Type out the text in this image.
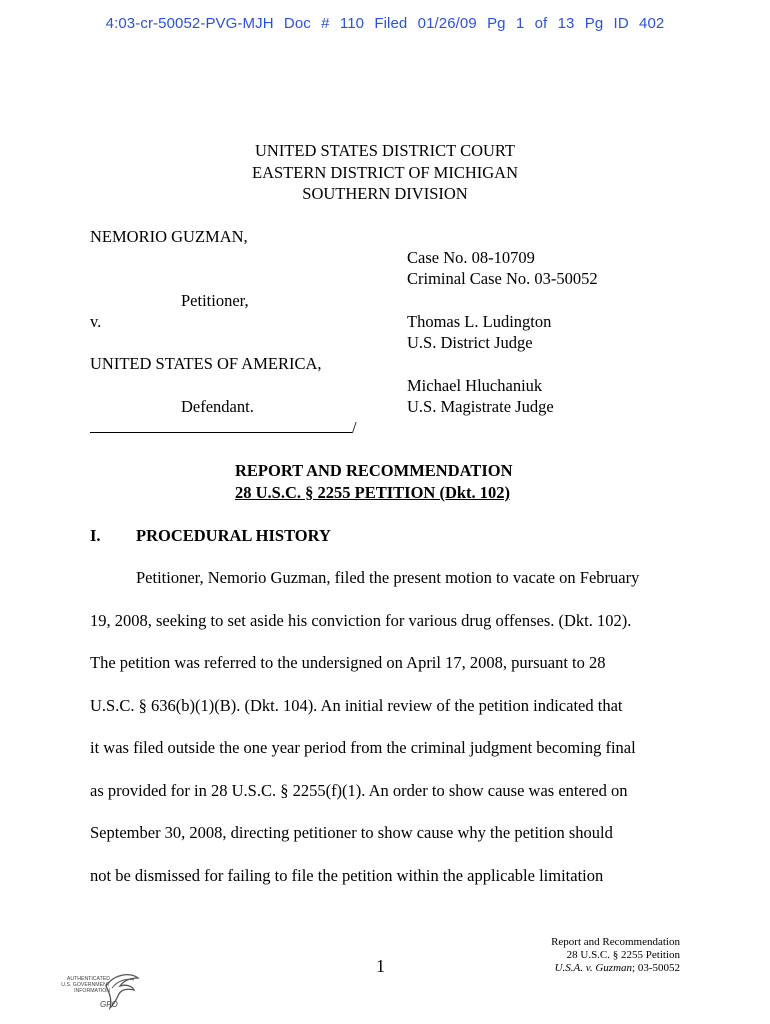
4:03-cr-50052-PVG-MJH Doc # 110 Filed 01/26/09 Pg 1 of 13 Pg ID 402
UNITED STATES DISTRICT COURT
EASTERN DISTRICT OF MICHIGAN
SOUTHERN DIVISION
NEMORIO GUZMAN,
Case No. 08-10709
Criminal Case No. 03-50052
Petitioner,
v.	Thomas L. Ludington
U.S. District Judge
UNITED STATES OF AMERICA,
Michael Hluchaniuk
Defendant.	U.S. Magistrate Judge
/
REPORT AND RECOMMENDATION
28 U.S.C. § 2255 PETITION (Dkt. 102)
I. PROCEDURAL HISTORY
Petitioner, Nemorio Guzman, filed the present motion to vacate on February
19, 2008, seeking to set aside his conviction for various drug offenses. (Dkt. 102).
The petition was referred to the undersigned on April 17, 2008, pursuant to 28
U.S.C. § 636(b)(1)(B). (Dkt. 104). An initial review of the petition indicated that
it was filed outside the one year period from the criminal judgment becoming final
as provided for in 28 U.S.C. § 2255(f)(1). An order to show cause was entered on
September 30, 2008, directing petitioner to show cause why the petition should
not be dismissed for failing to file the petition within the applicable limitation
Report and Recommendation
28 U.S.C. § 2255 Petition
U.S.A. v. Guzman; 03-50052
1
AUTHENTICATED
U.S. GOVERNMENT
INFORMATION
GPO
